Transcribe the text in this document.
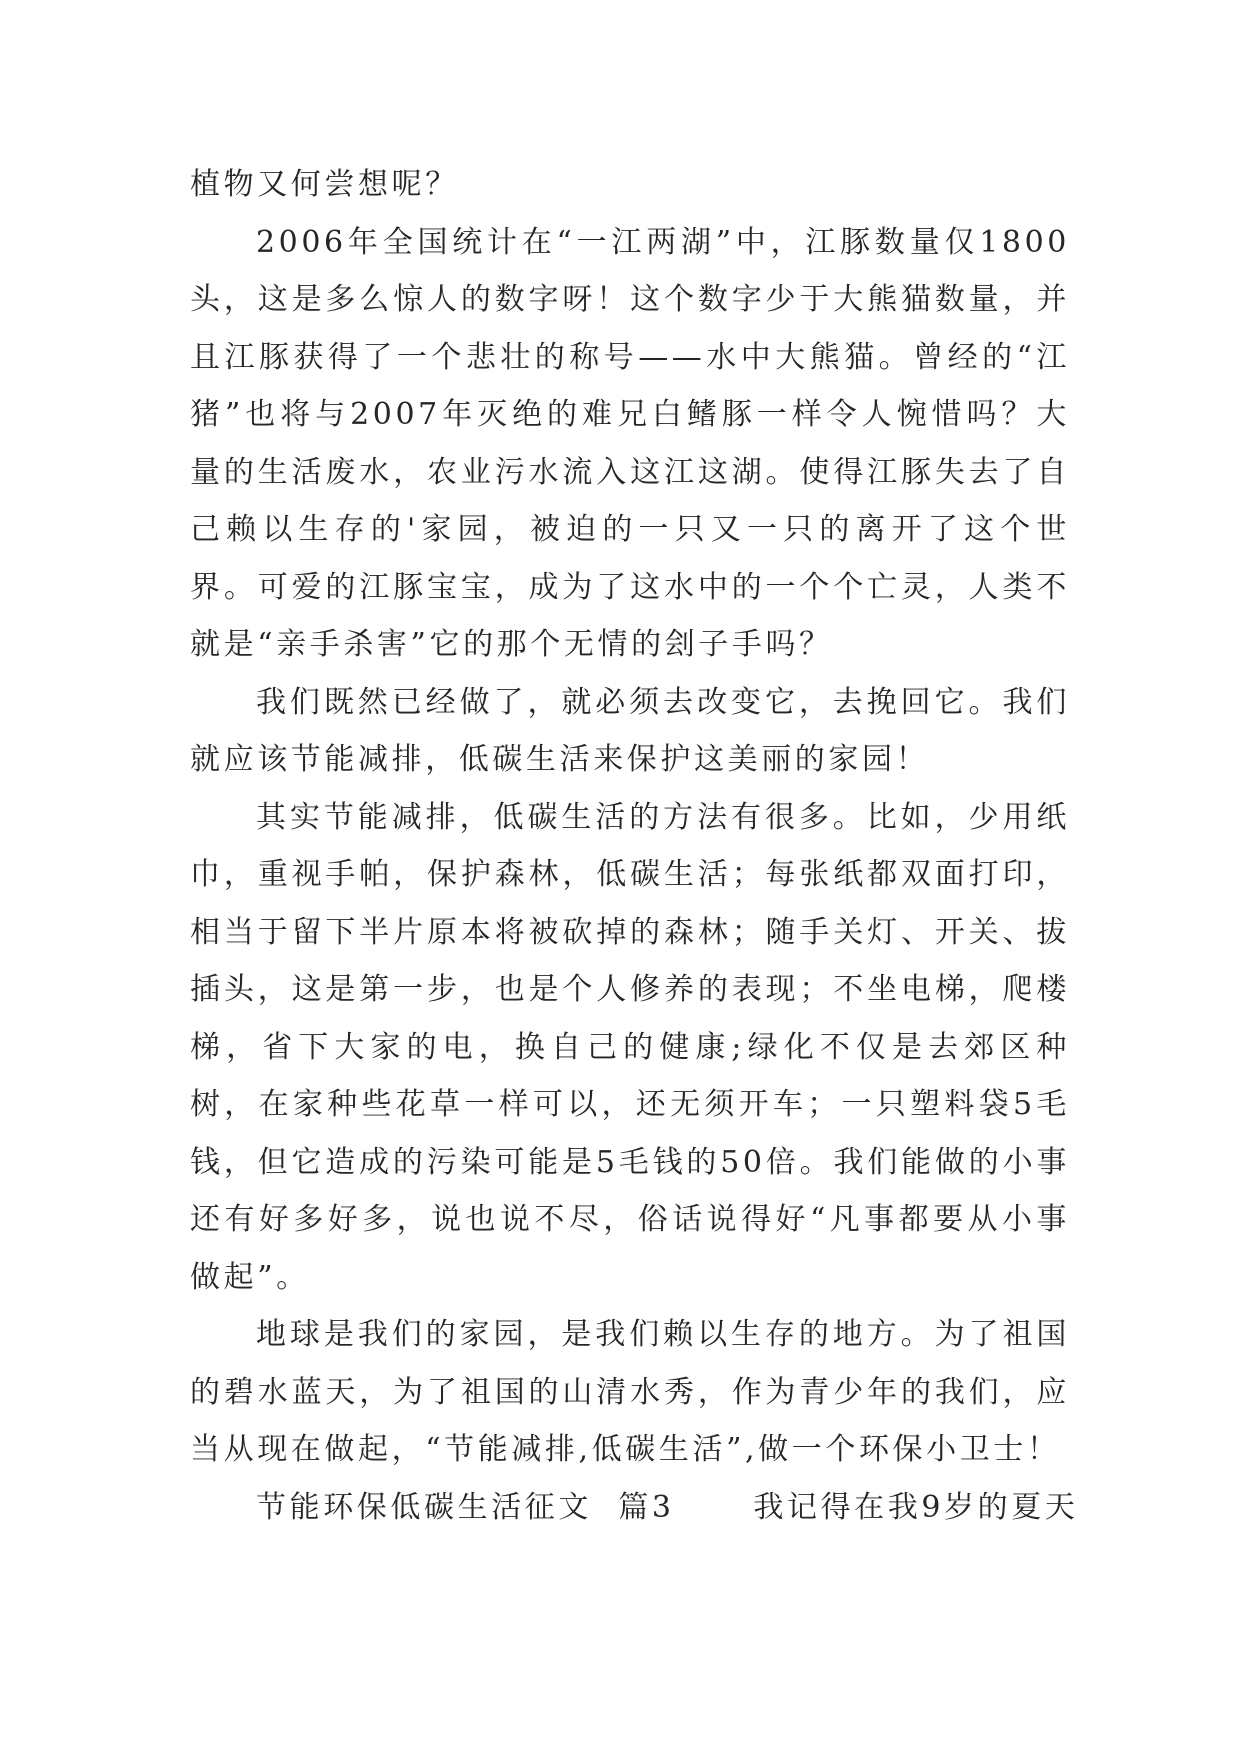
植物又何尝想呢？

2006年全国统计在“一江两湖”中，江豚数量仅1800头，这是多么惊人的数字呀！这个数字少于大熊猫数量，并且江豚获得了一个悲壮的称号——水中大熊猫。曾经的“江猪”也将与2007年灭绝的难兄白鳍豚一样令人惋惜吗？大量的生活废水，农业污水流入这江这湖。使得江豚失去了自己赖以生存的'家园，被迫的一只又一只的离开了这个世界。可爱的江豚宝宝，成为了这水中的一个个亡灵，人类不就是“亲手杀害”它的那个无情的刽子手吗？

我们既然已经做了，就必须去改变它，去挽回它。我们就应该节能减排，低碳生活来保护这美丽的家园！

其实节能减排，低碳生活的方法有很多。比如，少用纸巾，重视手帕，保护森林，低碳生活；每张纸都双面打印，相当于留下半片原本将被砍掉的森林；随手关灯、开关、拔插头，这是第一步，也是个人修养的表现；不坐电梯，爬楼梯，省下大家的电，换自己的健康;绿化不仅是去郊区种树，在家种些花草一样可以，还无须开车；一只塑料袋5毛钱，但它造成的污染可能是5毛钱的50倍。我们能做的小事还有好多好多，说也说不尽，俗话说得好“凡事都要从小事做起”。

地球是我们的家园，是我们赖以生存的地方。为了祖国的碧水蓝天，为了祖国的山清水秀，作为青少年的我们，应当从现在做起，“节能减排,低碳生活”,做一个环保小卫士！

节能环保低碳生活征文  篇3      我记得在我9岁的夏天
